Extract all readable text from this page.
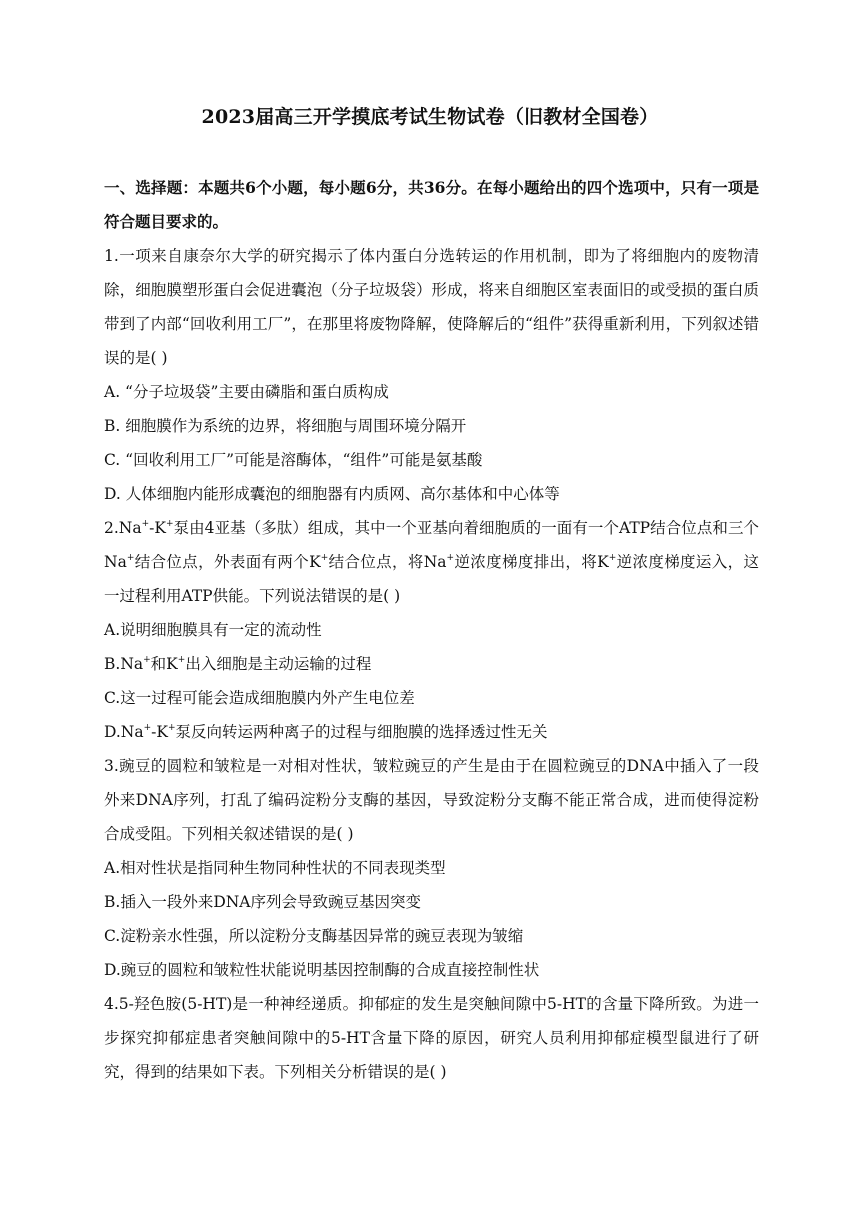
2023届高三开学摸底考试生物试卷（旧教材全国卷）

一、选择题：本题共6个小题，每小题6分，共36分。在每小题给出的四个选项中，只有一项是符合题目要求的。

1.一项来自康奈尔大学的研究揭示了体内蛋白分选转运的作用机制，即为了将细胞内的废物清除，细胞膜塑形蛋白会促进囊泡（分子垃圾袋）形成，将来自细胞区室表面旧的或受损的蛋白质带到了内部“回收利用工厂”，在那里将废物降解，使降解后的“组件”获得重新利用，下列叙述错误的是( )

A. “分子垃圾袋”主要由磷脂和蛋白质构成

B. 细胞膜作为系统的边界，将细胞与周围环境分隔开

C. “回收利用工厂”可能是溶酶体，“组件”可能是氨基酸

D. 人体细胞内能形成囊泡的细胞器有内质网、高尔基体和中心体等

2.Na+-K+泵由4亚基（多肽）组成，其中一个亚基向着细胞质的一面有一个ATP结合位点和三个Na+结合位点，外表面有两个K+结合位点，将Na+逆浓度梯度排出，将K+逆浓度梯度运入，这一过程利用ATP供能。下列说法错误的是( )

A.说明细胞膜具有一定的流动性

B.Na+和K+出入细胞是主动运输的过程

C.这一过程可能会造成细胞膜内外产生电位差

D.Na+-K+泵反向转运两种离子的过程与细胞膜的选择透过性无关

3.豌豆的圆粒和皱粒是一对相对性状，皱粒豌豆的产生是由于在圆粒豌豆的DNA中插入了一段外来DNA序列，打乱了编码淀粉分支酶的基因，导致淀粉分支酶不能正常合成，进而使得淀粉合成受阻。下列相关叙述错误的是( )

A.相对性状是指同种生物同种性状的不同表现类型

B.插入一段外来DNA序列会导致豌豆基因突变

C.淀粉亲水性强，所以淀粉分支酶基因异常的豌豆表现为皱缩

D.豌豆的圆粒和皱粒性状能说明基因控制酶的合成直接控制性状

4.5-羟色胺(5-HT)是一种神经递质。抑郁症的发生是突触间隙中5-HT的含量下降所致。为进一步探究抑郁症患者突触间隙中的5-HT含量下降的原因，研究人员利用抑郁症模型鼠进行了研究，得到的结果如下表。下列相关分析错误的是( )
